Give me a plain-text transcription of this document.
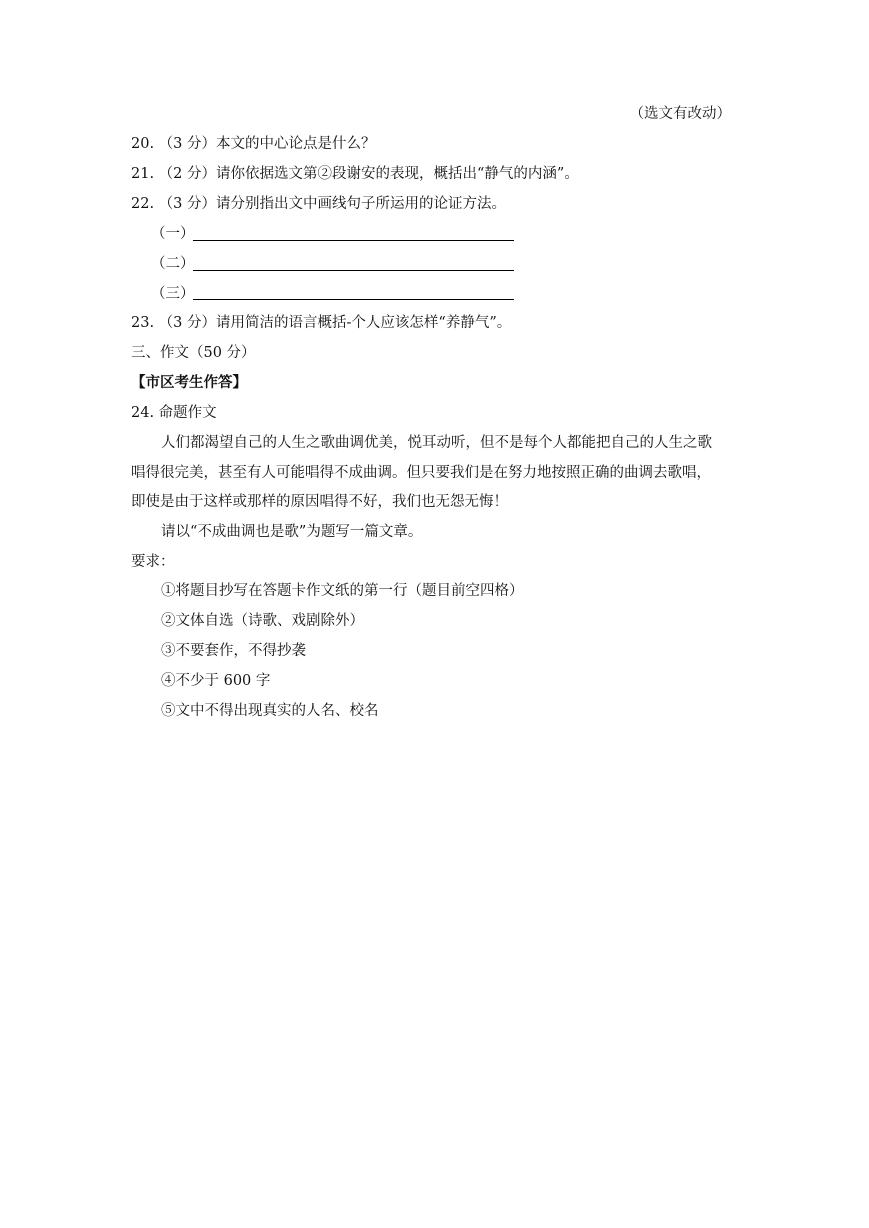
（选文有改动）
20. （3 分）本文的中心论点是什么？
21. （2 分）请你依据选文第②段谢安的表现，概括出“静气的内涵”。
22. （3 分）请分别指出文中画线句子所运用的论证方法。
（一）
（二）
（三）
23. （3 分）请用简洁的语言概括-个人应该怎样“养静气”。
三、作文（50 分）
【市区考生作答】
24. 命题作文
人们都渴望自己的人生之歌曲调优美，悦耳动听，但不是每个人都能把自己的人生之歌
唱得很完美，甚至有人可能唱得不成曲调。但只要我们是在努力地按照正确的曲调去歌唱，
即使是由于这样或那样的原因唱得不好，我们也无怨无悔！
请以“不成曲调也是歌”为题写一篇文章。
要求：
①将题目抄写在答题卡作文纸的第一行（题目前空四格）
②文体自选（诗歌、戏剧除外）
③不要套作，不得抄袭
④不少于 600 字
⑤文中不得出现真实的人名、校名
